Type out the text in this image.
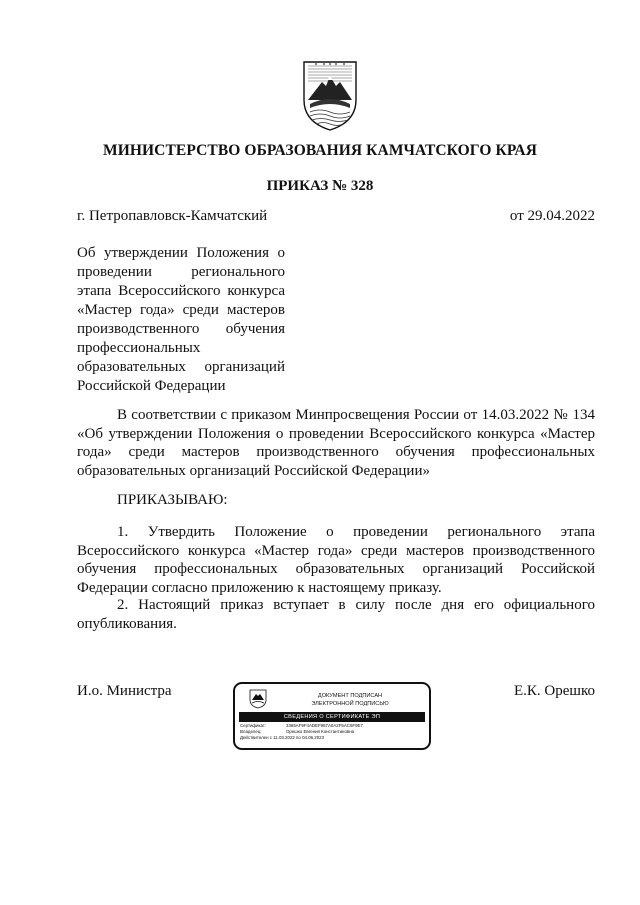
МИНИСТЕРСТВО ОБРАЗОВАНИЯ КАМЧАТСКОГО КРАЯ
ПРИКАЗ № 328
г. Петропавловск-Камчатский	от 29.04.2022
Об утверждении Положения о проведении регионального этапа Всероссийского конкурса «Мастер года» среди мастеров производственного обучения профессиональных образовательных организаций Российской Федерации
В соответствии с приказом Минпросвещения России от 14.03.2022 № 134 «Об утверждении Положения о проведении Всероссийского конкурса «Мастер года» среди мастеров производственного обучения профессиональных образовательных организаций Российской Федерации»
ПРИКАЗЫВАЮ:
1. Утвердить Положение о проведении регионального этапа Всероссийского конкурса «Мастер года» среди мастеров производственного обучения профессиональных образовательных организаций Российской Федерации согласно приложению к настоящему приказу.
2. Настоящий приказ вступает в силу после дня его официального опубликования.
И.о. Министра	Е.К. Орешко
ДОКУМЕНТ ПОДПИСАН
ЭЛЕКТРОННОЙ ПОДПИСЬЮ
СВЕДЕНИЯ О СЕРТИФИКАТЕ ЭП
Сертификат:	3365AF9F4ADEF967A0A2F5AC6F9E7
Владелец:	Орешко Евгения Константиновна
Действителен с 11.03.2022 по 04.06.2023
